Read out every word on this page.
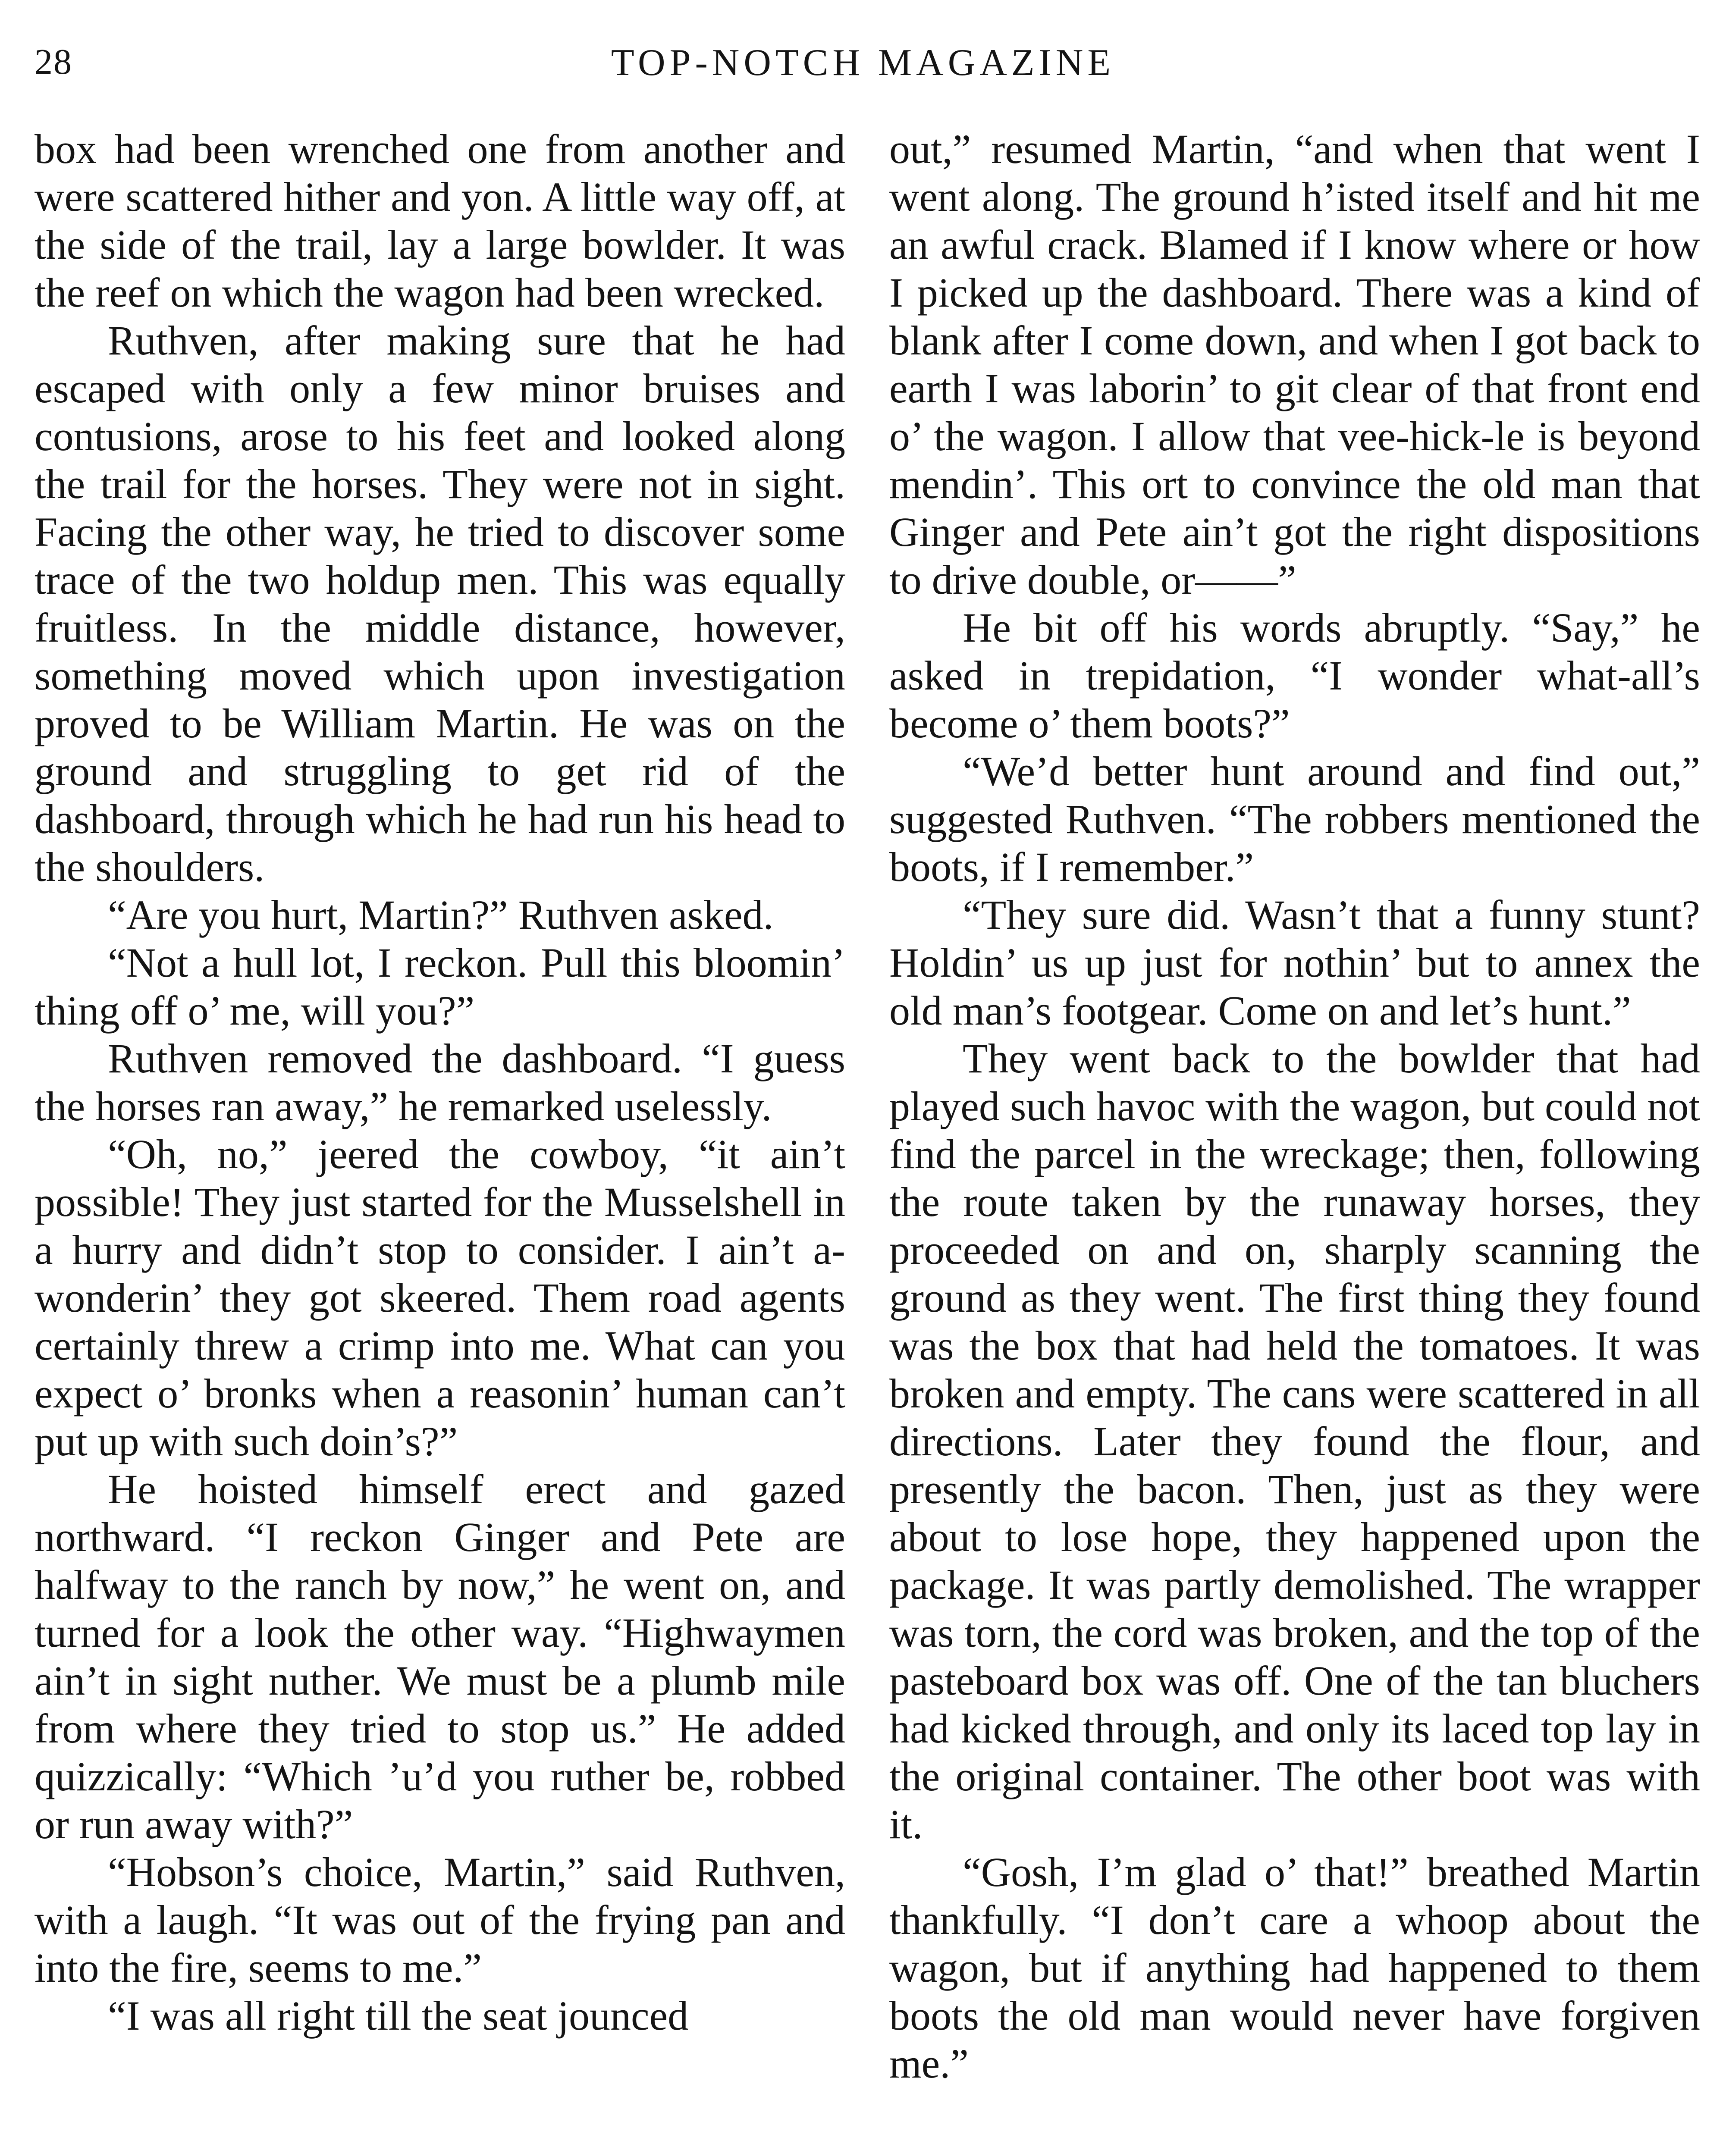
28	TOP-NOTCH MAGAZINE

box had been wrenched one from another and were scattered hither and yon. A little way off, at the side of the trail, lay a large bowlder. It was the reef on which the wagon had been wrecked.

Ruthven, after making sure that he had escaped with only a few minor bruises and contusions, arose to his feet and looked along the trail for the horses. They were not in sight. Facing the other way, he tried to discover some trace of the two holdup men. This was equally fruitless. In the middle distance, however, something moved which upon investigation proved to be William Martin. He was on the ground and struggling to get rid of the dashboard, through which he had run his head to the shoulders.

“Are you hurt, Martin?” Ruthven asked.

“Not a hull lot, I reckon. Pull this bloomin’ thing off o’ me, will you?”

Ruthven removed the dashboard. “I guess the horses ran away,” he remarked uselessly.

“Oh, no,” jeered the cowboy, “it ain’t possible! They just started for the Musselshell in a hurry and didn’t stop to consider. I ain’t a-wonderin’ they got skeered. Them road agents certainly threw a crimp into me. What can you expect o’ bronks when a reasonin’ human can’t put up with such doin’s?”

He hoisted himself erect and gazed northward. “I reckon Ginger and Pete are halfway to the ranch by now,” he went on, and turned for a look the other way. “Highwaymen ain’t in sight nuther. We must be a plumb mile from where they tried to stop us.” He added quizzically: “Which ’u’d you ruther be, robbed or run away with?”

“Hobson’s choice, Martin,” said Ruthven, with a laugh. “It was out of the frying pan and into the fire, seems to me.”

“I was all right till the seat jounced

out,” resumed Martin, “and when that went I went along. The ground h’isted itself and hit me an awful crack. Blamed if I know where or how I picked up the dashboard. There was a kind of blank after I come down, and when I got back to earth I was laborin’ to git clear of that front end o’ the wagon. I allow that vee-hick-le is beyond mendin’. This ort to convince the old man that Ginger and Pete ain’t got the right dispositions to drive double, or——”

He bit off his words abruptly. “Say,” he asked in trepidation, “I wonder what-all’s become o’ them boots?”

“We’d better hunt around and find out,” suggested Ruthven. “The robbers mentioned the boots, if I remember.”

“They sure did. Wasn’t that a funny stunt? Holdin’ us up just for nothin’ but to annex the old man’s footgear. Come on and let’s hunt.”

They went back to the bowlder that had played such havoc with the wagon, but could not find the parcel in the wreckage; then, following the route taken by the runaway horses, they proceeded on and on, sharply scanning the ground as they went. The first thing they found was the box that had held the tomatoes. It was broken and empty. The cans were scattered in all directions. Later they found the flour, and presently the bacon. Then, just as they were about to lose hope, they happened upon the package. It was partly demolished. The wrapper was torn, the cord was broken, and the top of the pasteboard box was off. One of the tan bluchers had kicked through, and only its laced top lay in the original container. The other boot was with it.

“Gosh, I’m glad o’ that!” breathed Martin thankfully. “I don’t care a whoop about the wagon, but if anything had happened to them boots the old man would never have forgiven me.”
